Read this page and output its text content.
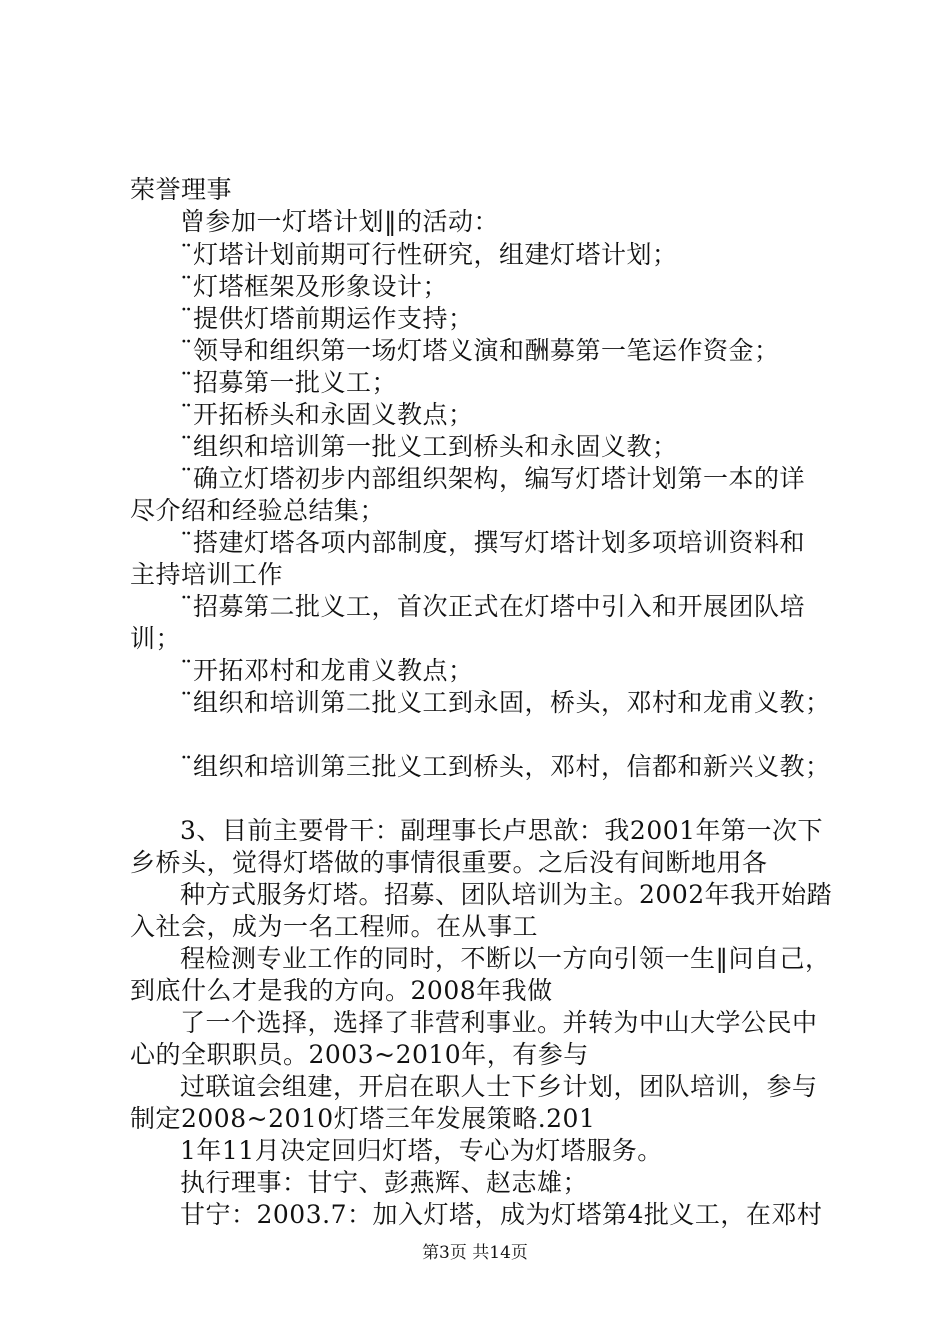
荣誉理事
曾参加一灯塔计划‖的活动：
¨灯塔计划前期可行性研究，组建灯塔计划；
¨灯塔框架及形象设计；
¨提供灯塔前期运作支持；
¨领导和组织第一场灯塔义演和酬募第一笔运作资金；
¨招募第一批义工；
¨开拓桥头和永固义教点；
¨组织和培训第一批义工到桥头和永固义教；
¨确立灯塔初步内部组织架构，编写灯塔计划第一本的详
尽介绍和经验总结集；
¨搭建灯塔各项内部制度，撰写灯塔计划多项培训资料和
主持培训工作
¨招募第二批义工，首次正式在灯塔中引入和开展团队培
训；
¨开拓邓村和龙甫义教点；
¨组织和培训第二批义工到永固，桥头，邓村和龙甫义教；
¨组织和培训第三批义工到桥头，邓村，信都和新兴义教；
3、目前主要骨干：副理事长卢思歆：我2001年第一次下
乡桥头，觉得灯塔做的事情很重要。之后没有间断地用各
种方式服务灯塔。招募、团队培训为主。2002年我开始踏
入社会，成为一名工程师。在从事工
程检测专业工作的同时，不断以一方向引领一生‖问自己，
到底什么才是我的方向。2008年我做
了一个选择，选择了非营利事业。并转为中山大学公民中
心的全职职员。2003~2010年，有参与
过联谊会组建，开启在职人士下乡计划，团队培训，参与
制定2008~2010灯塔三年发展策略.201
1年11月决定回归灯塔，专心为灯塔服务。
执行理事：甘宁、彭燕辉、赵志雄；
甘宁：2003.7：加入灯塔，成为灯塔第4批义工，在邓村
第3页 共14页
